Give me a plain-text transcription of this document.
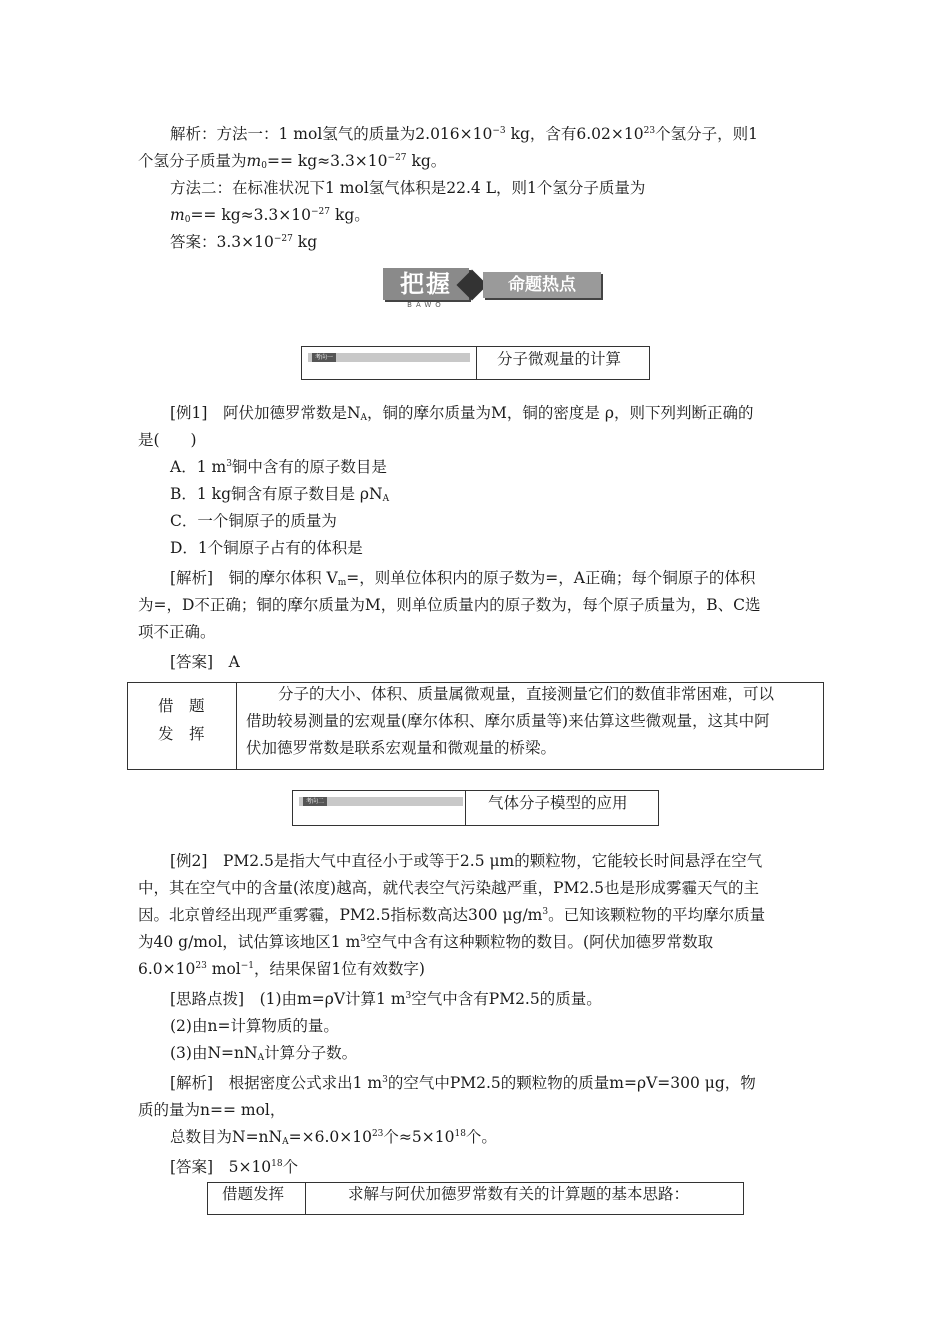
解析：方法一：1 mol氢气的质量为$2.016\times 10^{-3}$ kg，含有$6.02\times 10^{23}$个氢分子，则1
个氢分子质量为$m_0== kg\approx 3.3\times 10^{-27}$ kg。
方法二：在标准状况下1 mol氢气体积是22.4 L，则1个氢分子质量为
$m_0== kg\approx 3.3\times 10^{-27}$ kg。
答案：$3.3\times 10^{-27}$ kg
把握
BAWO
命题热点
考向一	分子微观量的计算
[例1]　阿伏加德罗常数是$N_A$，铜的摩尔质量为M，铜的密度是 ρ，则下列判断正确的
是(　　)
A．1 $m^3$铜中含有的原子数目是
B．1 kg铜含有原子数目是 $\rho N_A$
C．一个铜原子的质量为
D．1个铜原子占有的体积是
[解析]　铜的摩尔体积 $V_m=$，则单位体积内的原子数为=，A正确；每个铜原子的体积
为=，D不正确；铜的摩尔质量为M，则单位质量内的原子数为，每个原子质量为，B、C选
项不正确。
[答案]　A
借　题
发　挥
分子的大小、体积、质量属微观量，直接测量它们的数值非常困难，可以
借助较易测量的宏观量(摩尔体积、摩尔质量等)来估算这些微观量，这其中阿
伏加德罗常数是联系宏观量和微观量的桥梁。
考向二	气体分子模型的应用
[例2]　PM2.5是指大气中直径小于或等于2.5 μm的颗粒物，它能较长时间悬浮在空气
中，其在空气中的含量(浓度)越高，就代表空气污染越严重，PM2.5也是形成雾霾天气的主
因。北京曾经出现严重雾霾，PM2.5指标数高达300 $\mu g/m^3$。已知该颗粒物的平均摩尔质量
为40 g/mol，试估算该地区1 $m^3$空气中含有这种颗粒物的数目。(阿伏加德罗常数取
$6.0\times 10^{23}$ mol$^{-1}$，结果保留1位有效数字)
[思路点拨]　(1)由m=ρV计算1 $m^3$空气中含有PM2.5的质量。
(2)由n=计算物质的量。
(3)由$N=nN_A$计算分子数。
[解析]　根据密度公式求出1 $m^3$的空气中PM2.5的颗粒物的质量m=ρV=300 μg，物
质的量为n== mol，
总数目为$N=nN_A=\times 6.0\times 10^{23}$个$\approx 5\times 10^{18}$个。
[答案]　$5\times 10^{18}$个
借题发挥	求解与阿伏加德罗常数有关的计算题的基本思路：
